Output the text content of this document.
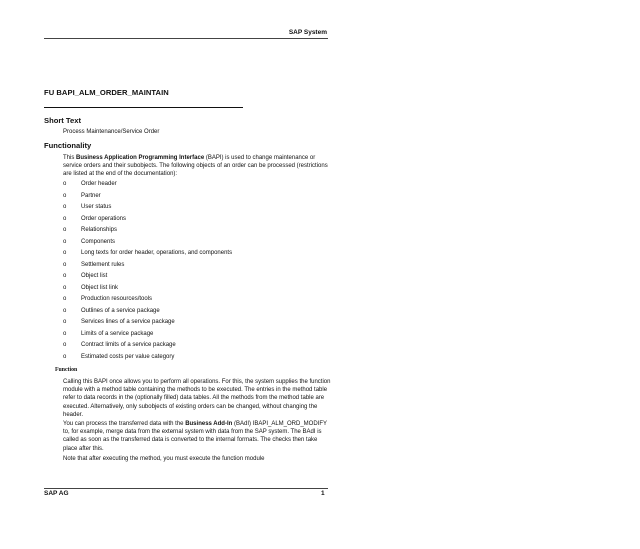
SAP System
FU BAPI_ALM_ORDER_MAINTAIN
Short Text
Process Maintenance/Service Order
Functionality
This Business Application Programming Interface (BAPI) is used to change maintenance or service orders and their subobjects. The following objects of an order can be processed (restrictions are listed at the end of the documentation):
o	Order header
o	Partner
o	User status
o	Order operations
o	Relationships
o	Components
o	Long texts for order header, operations, and components
o	Settlement rules
o	Object list
o	Object list link
o	Production resources/tools
o	Outlines of a service package
o	Services lines of a service package
o	Limits of a service package
o	Contract limits of a service package
o	Estimated costs per value category
Function
Calling this BAPI once allows you to perform all operations. For this, the system supplies the function module with a method table containing the methods to be executed. The entries in the method table refer to data records in the (optionally filled) data tables. All the methods from the method table are executed. Alternatively, only subobjects of existing orders can be changed, without changing the header.
You can process the transferred data with the Business Add-In (BAdI) IBAPI_ALM_ORD_MODIFY to, for example, merge data from the external system with data from the SAP system. The BAdI is called as soon as the transferred data is converted to the internal formats. The checks then take place after this.
Note that after executing the method, you must execute the function module
SAP AG	1
